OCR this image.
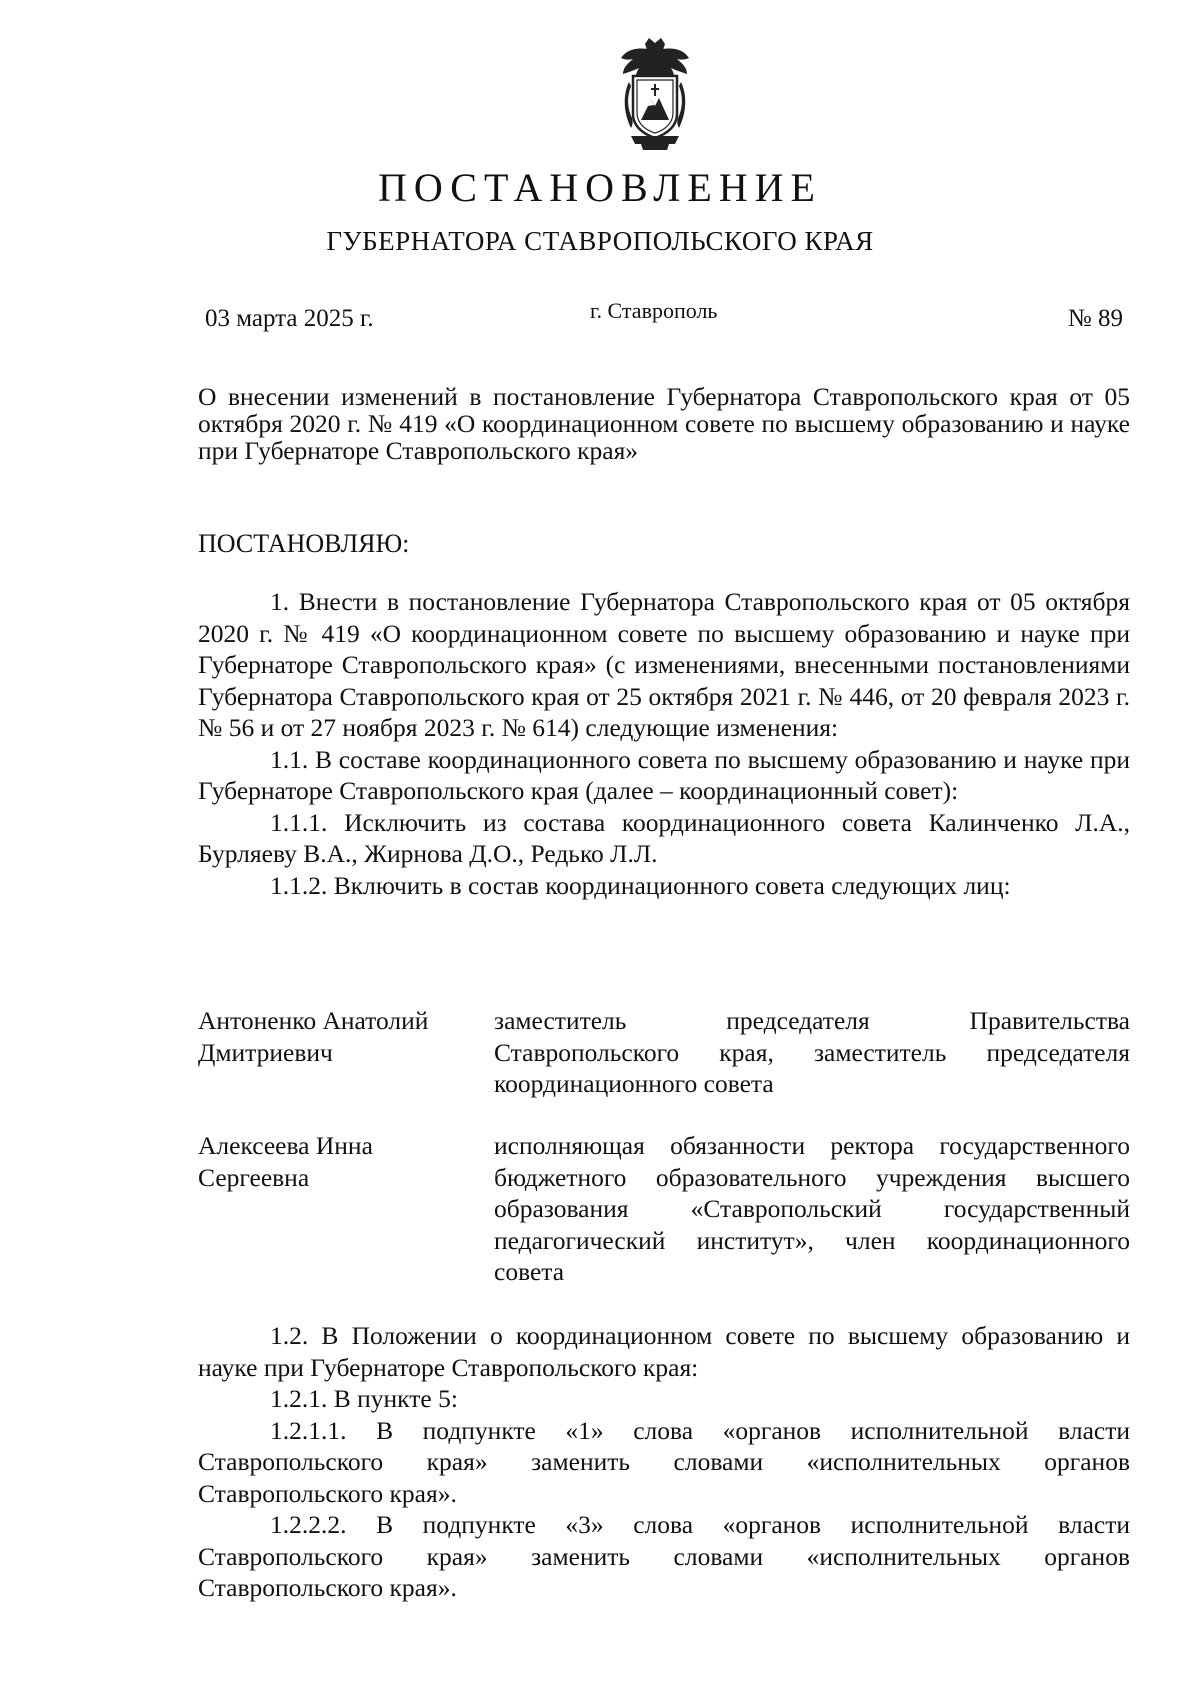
ПОСТАНОВЛЕНИЕ
ГУБЕРНАТОРА СТАВРОПОЛЬСКОГО КРАЯ
03 марта 2025 г.	г. Ставрополь	№ 89

О внесении изменений в постановление Губернатора Ставропольского края от 05 октября 2020 г. № 419 «О координационном совете по высшему образованию и науке при Губернаторе Ставропольского края»

ПОСТАНОВЛЯЮ:

1. Внести в постановление Губернатора Ставропольского края от 05 октября 2020 г. № 419 «О координационном совете по высшему образованию и науке при Губернаторе Ставропольского края» (с изменениями, внесенными постановлениями Губернатора Ставропольского края от 25 октября 2021 г. № 446, от 20 февраля 2023 г. № 56 и от 27 ноября 2023 г. № 614) следующие изменения:

1.1. В составе координационного совета по высшему образованию и науке при Губернаторе Ставропольского края (далее – координационный совет):

1.1.1. Исключить из состава координационного совета Калинченко Л.А., Бурляеву В.А., Жирнова Д.О., Редько Л.Л.

1.1.2. Включить в состав координационного совета следующих лиц:

Антоненко Анатолий Дмитриевич
заместитель председателя Правительства Ставропольского края, заместитель председателя координационного совета
Алексеева Инна Сергеевна
исполняющая обязанности ректора государственного бюджетного образовательного учреждения высшего образования «Ставропольский государственный педагогический институт», член координационного совета

1.2. В Положении о координационном совете по высшему образованию и науке при Губернаторе Ставропольского края:

1.2.1. В пункте 5:

1.2.1.1. В подпункте «1» слова «органов исполнительной власти Ставропольского края» заменить словами «исполнительных органов Ставропольского края».

1.2.2.2. В подпункте «3» слова «органов исполнительной власти Ставропольского края» заменить словами «исполнительных органов Ставропольского края».
